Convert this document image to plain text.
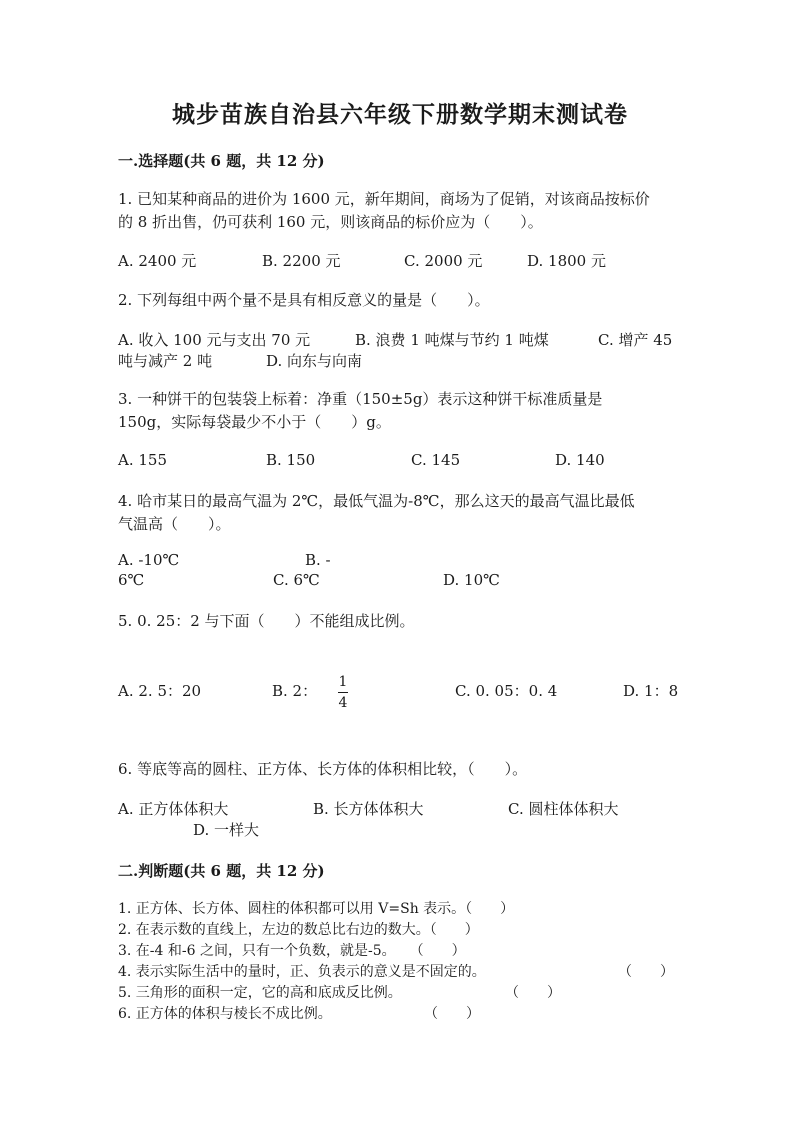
城步苗族自治县六年级下册数学期末测试卷
一.选择题(共 6 题，共 12 分)
1. 已知某种商品的进价为 1600 元，新年期间，商场为了促销，对该商品按标价
的 8 折出售，仍可获利 160 元，则该商品的标价应为（　　）。
A. 2400 元	B. 2200 元	C. 2000 元	D. 1800 元
2. 下列每组中两个量不是具有相反意义的量是（　　）。
A. 收入 100 元与支出 70 元	B. 浪费 1 吨煤与节约 1 吨煤	C. 增产 45
吨与减产 2 吨	D. 向东与向南
3. 一种饼干的包装袋上标着：净重（150±5g）表示这种饼干标准质量是
150g，实际每袋最少不小于（　　）g。
A. 155	B. 150	C. 145	D. 140
4. 哈市某日的最高气温为 2℃，最低气温为-8℃，那么这天的最高气温比最低
气温高（　　）。
A. -10℃	B. -
6℃	C. 6℃	D. 10℃
5. 0. 25：2 与下面（　　）不能组成比例。
A. 2. 5：20	B. 2： $\frac{1}{4}$	C. 0. 05：0. 4	D. 1：8
6. 等底等高的圆柱、正方体、长方体的体积相比较，（　　）。
A. 正方体体积大	B. 长方体体积大	C. 圆柱体体积大
D. 一样大
二.判断题(共 6 题，共 12 分)
1. 正方体、长方体、圆柱的体积都可以用 V=Sh 表示。（　　）
2. 在表示数的直线上，左边的数总比右边的数大。（　　）
3. 在-4 和-6 之间，只有一个负数，就是-5。　　（　　）
4. 表示实际生活中的量时，正、负表示的意义是不固定的。	（　　）
5. 三角形的面积一定，它的高和底成反比例。	（　　）
6. 正方体的体积与棱长不成比例。	（　　）
